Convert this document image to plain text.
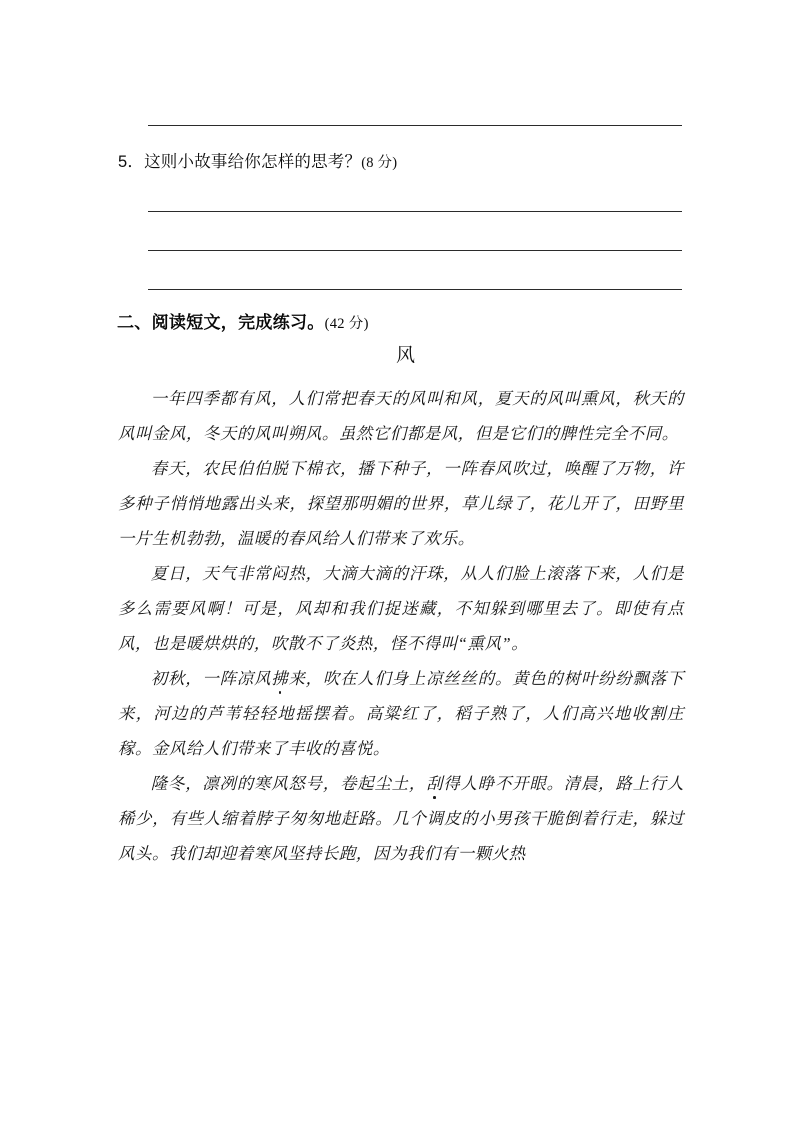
5．这则小故事给你怎样的思考？(8 分)
二、阅读短文，完成练习。(42 分)
风
一年四季都有风，人们常把春天的风叫和风，夏天的风叫熏风，秋天的风叫金风，冬天的风叫朔风。虽然它们都是风，但是它们的脾性完全不同。
春天，农民伯伯脱下棉衣，播下种子，一阵春风吹过，唤醒了万物，许多种子悄悄地露出头来，探望那明媚的世界，草儿绿了，花儿开了，田野里一片生机勃勃，温暖的春风给人们带来了欢乐。
夏日，天气非常闷热，大滴大滴的汗珠，从人们脸上滚落下来，人们是多么需要风啊！可是，风却和我们捉迷藏，不知躲到哪里去了。即使有点风，也是暖烘烘的，吹散不了炎热，怪不得叫“熏风”。
初秋，一阵凉风拂来，吹在人们身上凉丝丝的。黄色的树叶纷纷飘落下来，河边的芦苇轻轻地摇摆着。高粱红了，稻子熟了，人们高兴地收割庄稼。金风给人们带来了丰收的喜悦。
隆冬，凛冽的寒风怒号，卷起尘土，刮得人睁不开眼。清晨，路上行人稀少，有些人缩着脖子匆匆地赶路。几个调皮的小男孩干脆倒着行走，躲过风头。我们却迎着寒风坚持长跑，因为我们有一颗火热
